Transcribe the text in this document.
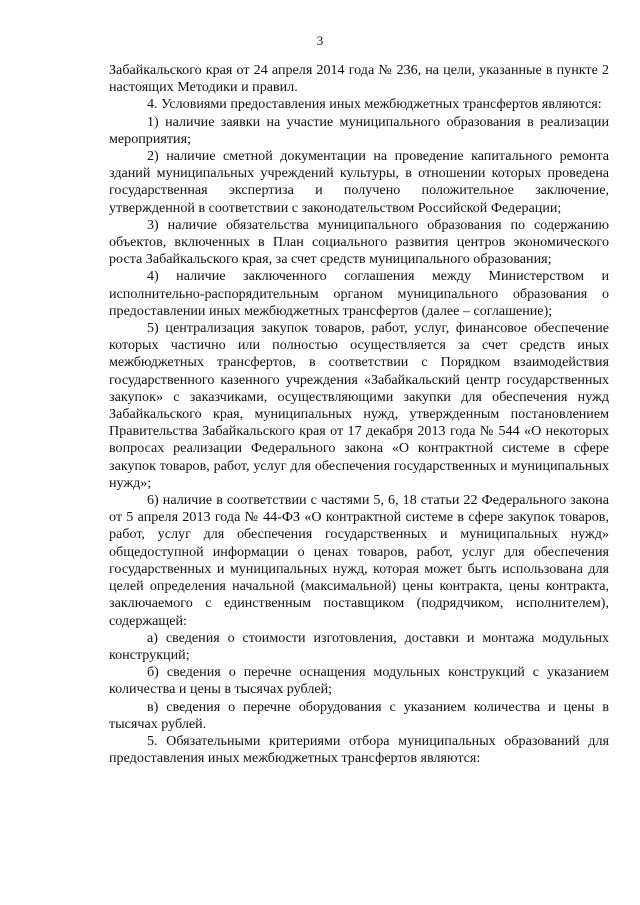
3

Забайкальского края от 24 апреля 2014 года № 236, на цели, указанные в пункте 2 настоящих Методики и правил.

4. Условиями предоставления иных межбюджетных трансфертов являются:

1) наличие заявки на участие муниципального образования в реализации мероприятия;

2) наличие сметной документации на проведение капитального ремонта зданий муниципальных учреждений культуры, в отношении которых проведена государственная экспертиза и получено положительное заключение, утвержденной в соответствии с законодательством Российской Федерации;

3) наличие обязательства муниципального образования по содержанию объектов, включенных в План социального развития центров экономического роста Забайкальского края, за счет средств муниципального образования;

4) наличие заключенного соглашения между Министерством и исполнительно-распорядительным органом муниципального образования о предоставлении иных межбюджетных трансфертов (далее – соглашение);

5) централизация закупок товаров, работ, услуг, финансовое обеспечение которых частично или полностью осуществляется за счет средств иных межбюджетных трансфертов, в соответствии с Порядком взаимодействия государственного казенного учреждения «Забайкальский центр государственных закупок» с заказчиками, осуществляющими закупки для обеспечения нужд Забайкальского края, муниципальных нужд, утвержденным постановлением Правительства Забайкальского края от 17 декабря 2013 года № 544 «О некоторых вопросах реализации Федерального закона «О контрактной системе в сфере закупок товаров, работ, услуг для обеспечения государственных и муниципальных нужд»;

6) наличие в соответствии с частями 5, 6, 18 статьи 22 Федерального закона от 5 апреля 2013 года № 44-ФЗ «О контрактной системе в сфере закупок товаров, работ, услуг для обеспечения государственных и муниципальных нужд» общедоступной информации о ценах товаров, работ, услуг для обеспечения государственных и муниципальных нужд, которая может быть использована для целей определения начальной (максимальной) цены контракта, цены контракта, заключаемого с единственным поставщиком (подрядчиком, исполнителем), содержащей:

а) сведения о стоимости изготовления, доставки и монтажа модульных конструкций;

б) сведения о перечне оснащения модульных конструкций с указанием количества и цены в тысячах рублей;

в) сведения о перечне оборудования с указанием количества и цены в тысячах рублей.

5. Обязательными критериями отбора муниципальных образований для предоставления иных межбюджетных трансфертов являются:
